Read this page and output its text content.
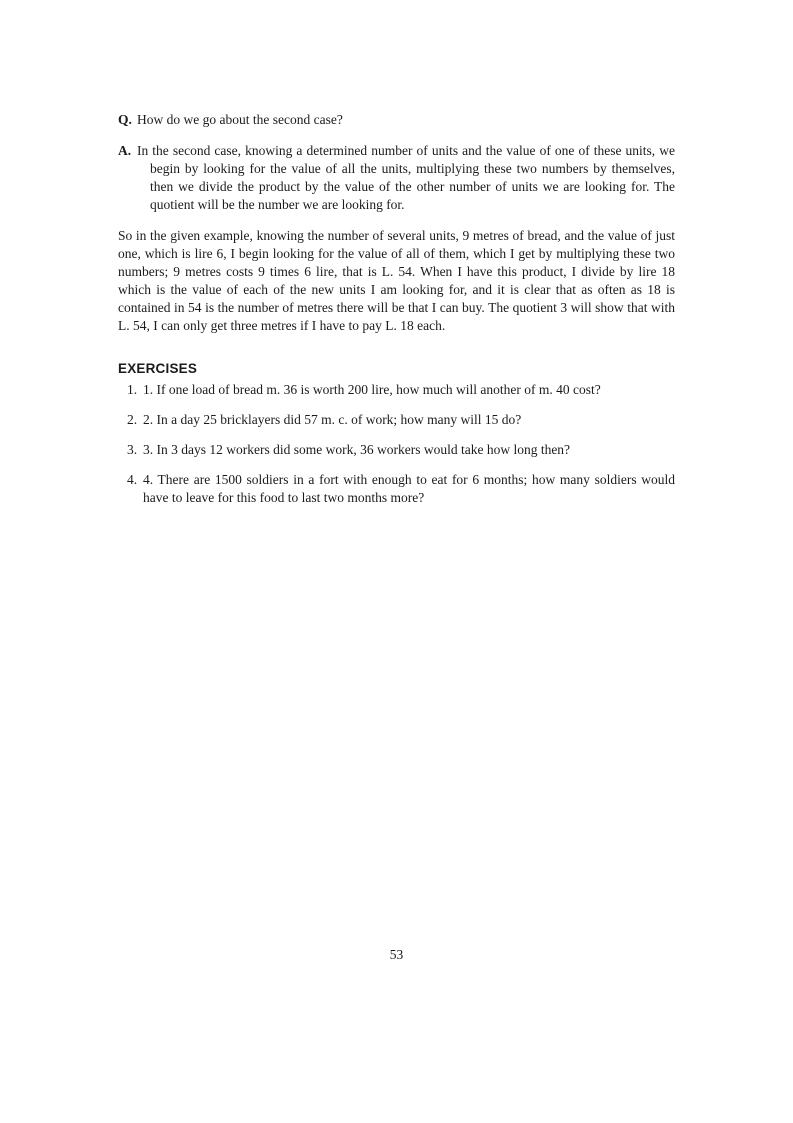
Q. How do we go about the second case?
A. In the second case, knowing a determined number of units and the value of one of these units, we begin by looking for the value of all the units, multiplying these two numbers by themselves, then we divide the product by the value of the other number of units we are looking for. The quotient will be the number we are looking for.

So in the given example, knowing the number of several units, 9 metres of bread, and the value of just one, which is lire 6, I begin looking for the value of all of them, which I get by multiplying these two numbers; 9 metres costs 9 times 6 lire, that is L. 54. When I have this product, I divide by lire 18 which is the value of each of the new units I am looking for, and it is clear that as often as 18 is contained in 54 is the number of metres there will be that I can buy. The quotient 3 will show that with L. 54, I can only get three metres if I have to pay L. 18 each.

EXERCISES
1. 1. If one load of bread m. 36 is worth 200 lire, how much will another of m. 40 cost?
2. 2. In a day 25 bricklayers did 57 m. c. of work; how many will 15 do?
3. 3. In 3 days 12 workers did some work, 36 workers would take how long then?
4. 4. There are 1500 soldiers in a fort with enough to eat for 6 months; how many soldiers would have to leave for this food to last two months more?
53
